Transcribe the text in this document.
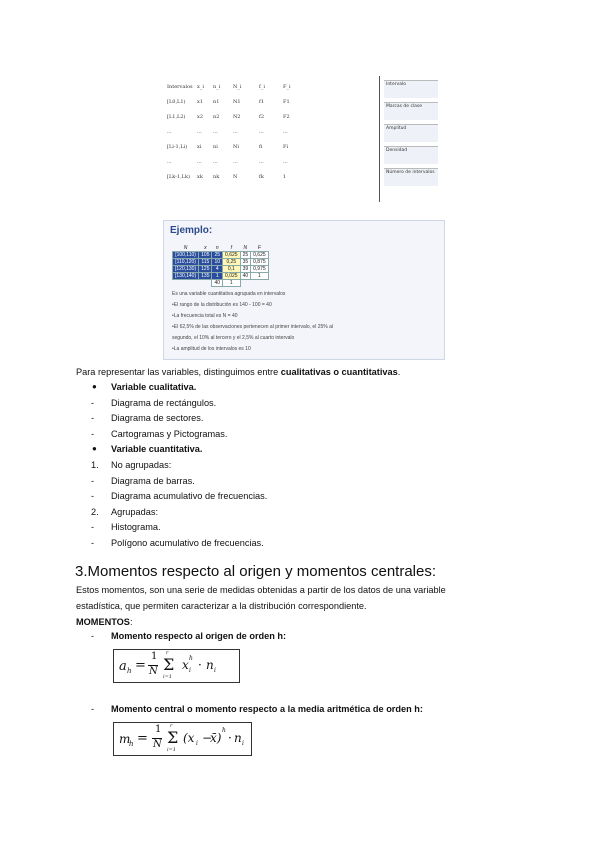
Intervalos x_i n_i	N_i	f_i	F_i
[L0,L1) x1 n1	N1	f1	F1
[L1,L2) x2 n2	N2	f2	F2
...	... ...	...	...	...
[Li-1,Li) xi ni	Ni	fi	Fi
...	... ...	...	...	...
[Lk-1,Lk) xk nk	N	fk	1
Intervalo
Marcas de clase
Amplitud
Densidad
Número de intervalos
Ejemplo:
N	x	n	f	N	F
[100,110)	105	25	0,625	25	0,625
[110,120)	115	10	0,25	35	0,875
[120,130)	125	4	0,1	39	0,975
[130,140)	135	1	0,025	40	1
		40	1		
Es una variable cuantitativa agrupada en intervalos
•El rango de la distribución es 140 - 100 = 40
•La frecuencia total es N = 40
•El 62,5% de las observaciones pertenecen al primer intervalo, el 25% al
segundo, el 10% al tercero y el 2,5% al cuarto intervalo
•La amplitud de los intervalos es 10
Para representar las variables, distinguimos entre cualitativas o cuantitativas.
● Variable cualitativa.
- Diagrama de rectángulos.
- Diagrama de sectores.
- Cartogramas y Pictogramas.
● Variable cuantitativa.
1. No agrupadas:
- Diagrama de barras.
- Diagrama acumulativo de frecuencias.
2. Agrupadas:
- Histograma.
- Polígono acumulativo de frecuencias.
3.Momentos respecto al origen y momentos centrales:
Estos momentos, son una serie de medidas obtenidas a partir de los datos de una variable
estadística, que permiten caracterizar a la distribución correspondiente.
MOMENTOS:
- Momento respecto al origen de orden h:
a h =
1
N Σ
r
i=1
x i
h · n i
- Momento central o momento respecto a la media aritmética de orden h:
m
h =
1
N Σ
r
i=1
(x i −
x̄)
h
· n i
